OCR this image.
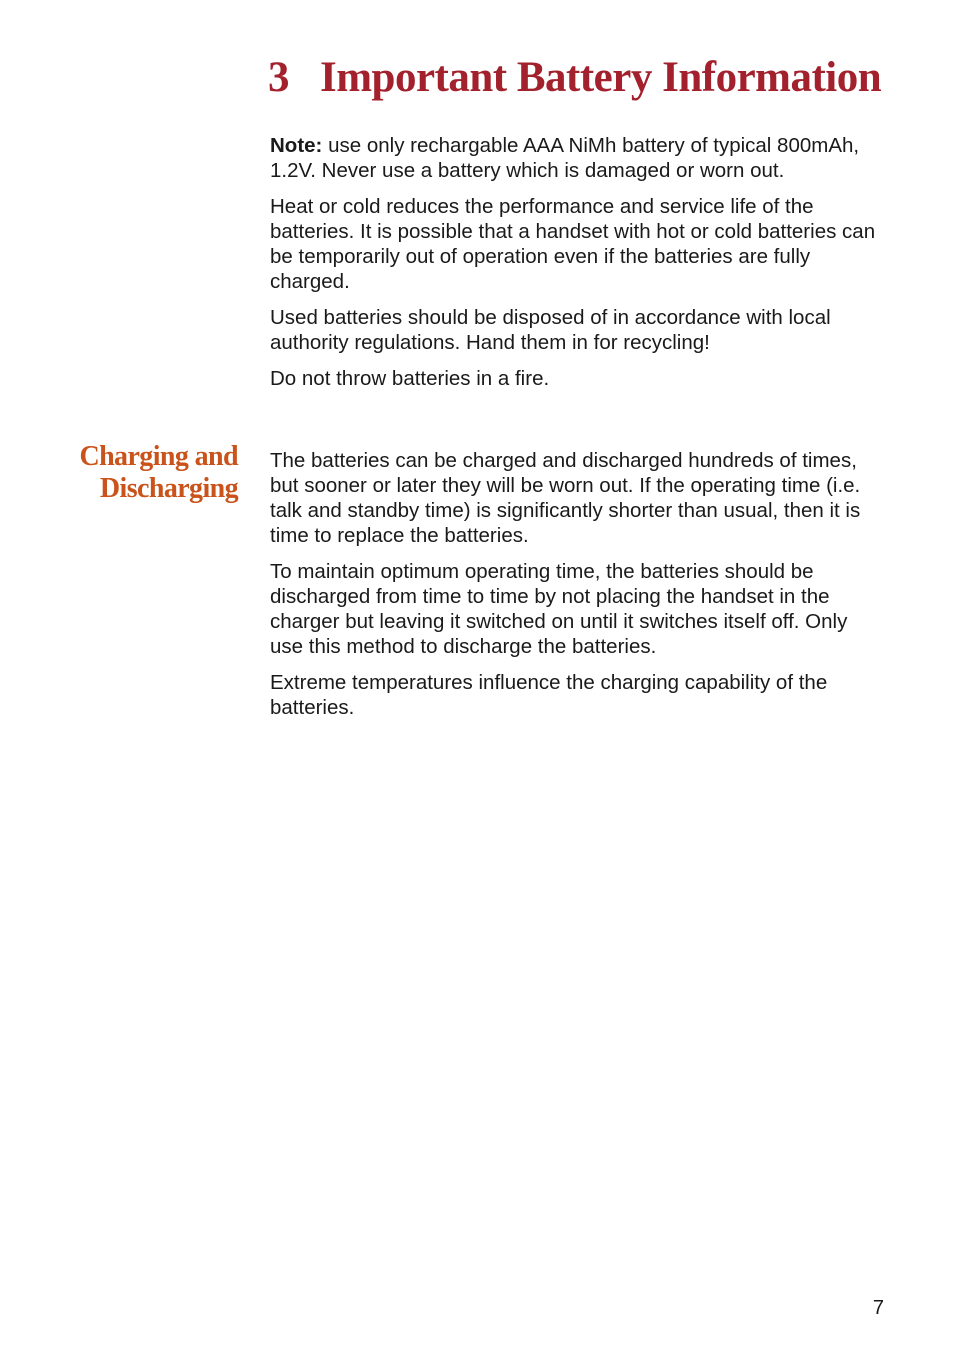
3 Important Battery Information

Note: use only rechargable AAA NiMh battery of typical 800mAh, 1.2V. Never use a battery which is damaged or worn out.

Heat or cold reduces the performance and service life of the batteries. It is possible that a handset with hot or cold batteries can be temporarily out of operation even if the batteries are fully charged.

Used batteries should be disposed of in accordance with local authority regulations. Hand them in for recycling!

Do not throw batteries in a fire.

Charging and
Discharging

The batteries can be charged and discharged hundreds of times, but sooner or later they will be worn out. If the operating time (i.e. talk and standby time) is significantly shorter than usual, then it is time to replace the batteries.

To maintain optimum operating time, the batteries should be discharged from time to time by not placing the handset in the charger but leaving it switched on until it switches itself off. Only use this method to discharge the batteries.

Extreme temperatures influence the charging capability of the batteries.

7
